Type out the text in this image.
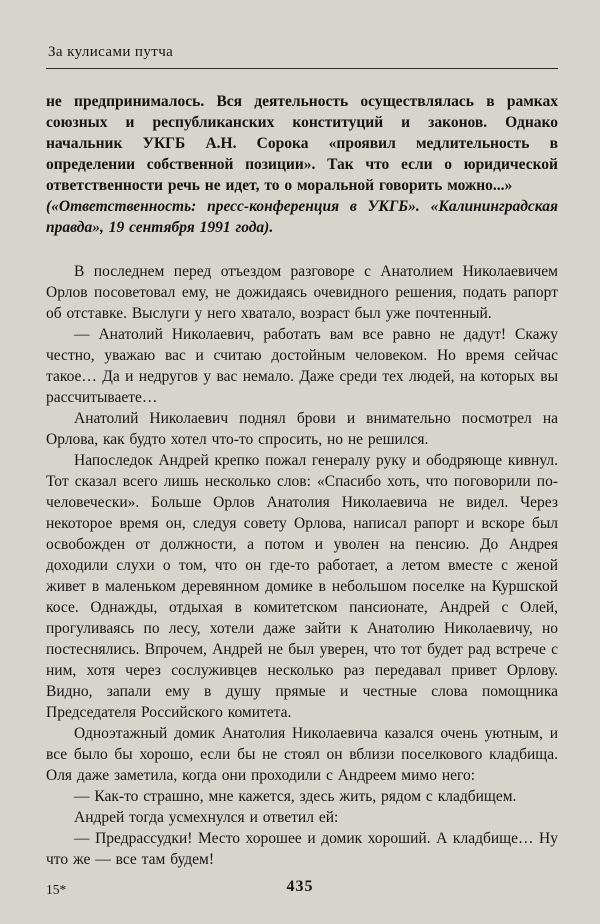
За кулисами путча

не предпринималось. Вся деятельность осуществлялась в рамках союзных и республиканских конституций и законов. Однако начальник УКГБ А.Н. Сорока «проявил медлительность в определении собственной позиции». Так что если о юридической ответственности речь не идет, то о моральной говорить можно...»

(«Ответственность: пресс-конференция в УКГБ». «Калининградская правда», 19 сентября 1991 года).

В последнем перед отъездом разговоре с Анатолием Николаевичем Орлов посоветовал ему, не дожидаясь очевидного решения, подать рапорт об отставке. Выслуги у него хватало, возраст был уже почтенный.

— Анатолий Николаевич, работать вам все равно не дадут! Скажу честно, уважаю вас и считаю достойным человеком. Но время сейчас такое… Да и недругов у вас немало. Даже среди тех людей, на которых вы рассчитываете…

Анатолий Николаевич поднял брови и внимательно посмотрел на Орлова, как будто хотел что-то спросить, но не решился.

Напоследок Андрей крепко пожал генералу руку и ободряюще кивнул. Тот сказал всего лишь несколько слов: «Спасибо хоть, что поговорили по-человечески». Больше Орлов Анатолия Николаевича не видел. Через некоторое время он, следуя совету Орлова, написал рапорт и вскоре был освобожден от должности, а потом и уволен на пенсию. До Андрея доходили слухи о том, что он где-то работает, а летом вместе с женой живет в маленьком деревянном домике в небольшом поселке на Куршской косе. Однажды, отдыхая в комитетском пансионате, Андрей с Олей, прогуливаясь по лесу, хотели даже зайти к Анатолию Николаевичу, но постеснялись. Впрочем, Андрей не был уверен, что тот будет рад встрече с ним, хотя через сослуживцев несколько раз передавал привет Орлову. Видно, запали ему в душу прямые и честные слова помощника Председателя Российского комитета.

Одноэтажный домик Анатолия Николаевича казался очень уютным, и все было бы хорошо, если бы не стоял он вблизи поселкового кладбища. Оля даже заметила, когда они проходили с Андреем мимо него:

— Как-то страшно, мне кажется, здесь жить, рядом с кладбищем.

Андрей тогда усмехнулся и ответил ей:

— Предрассудки! Место хорошее и домик хороший. А кладбище… Ну что же — все там будем!

15*	435
